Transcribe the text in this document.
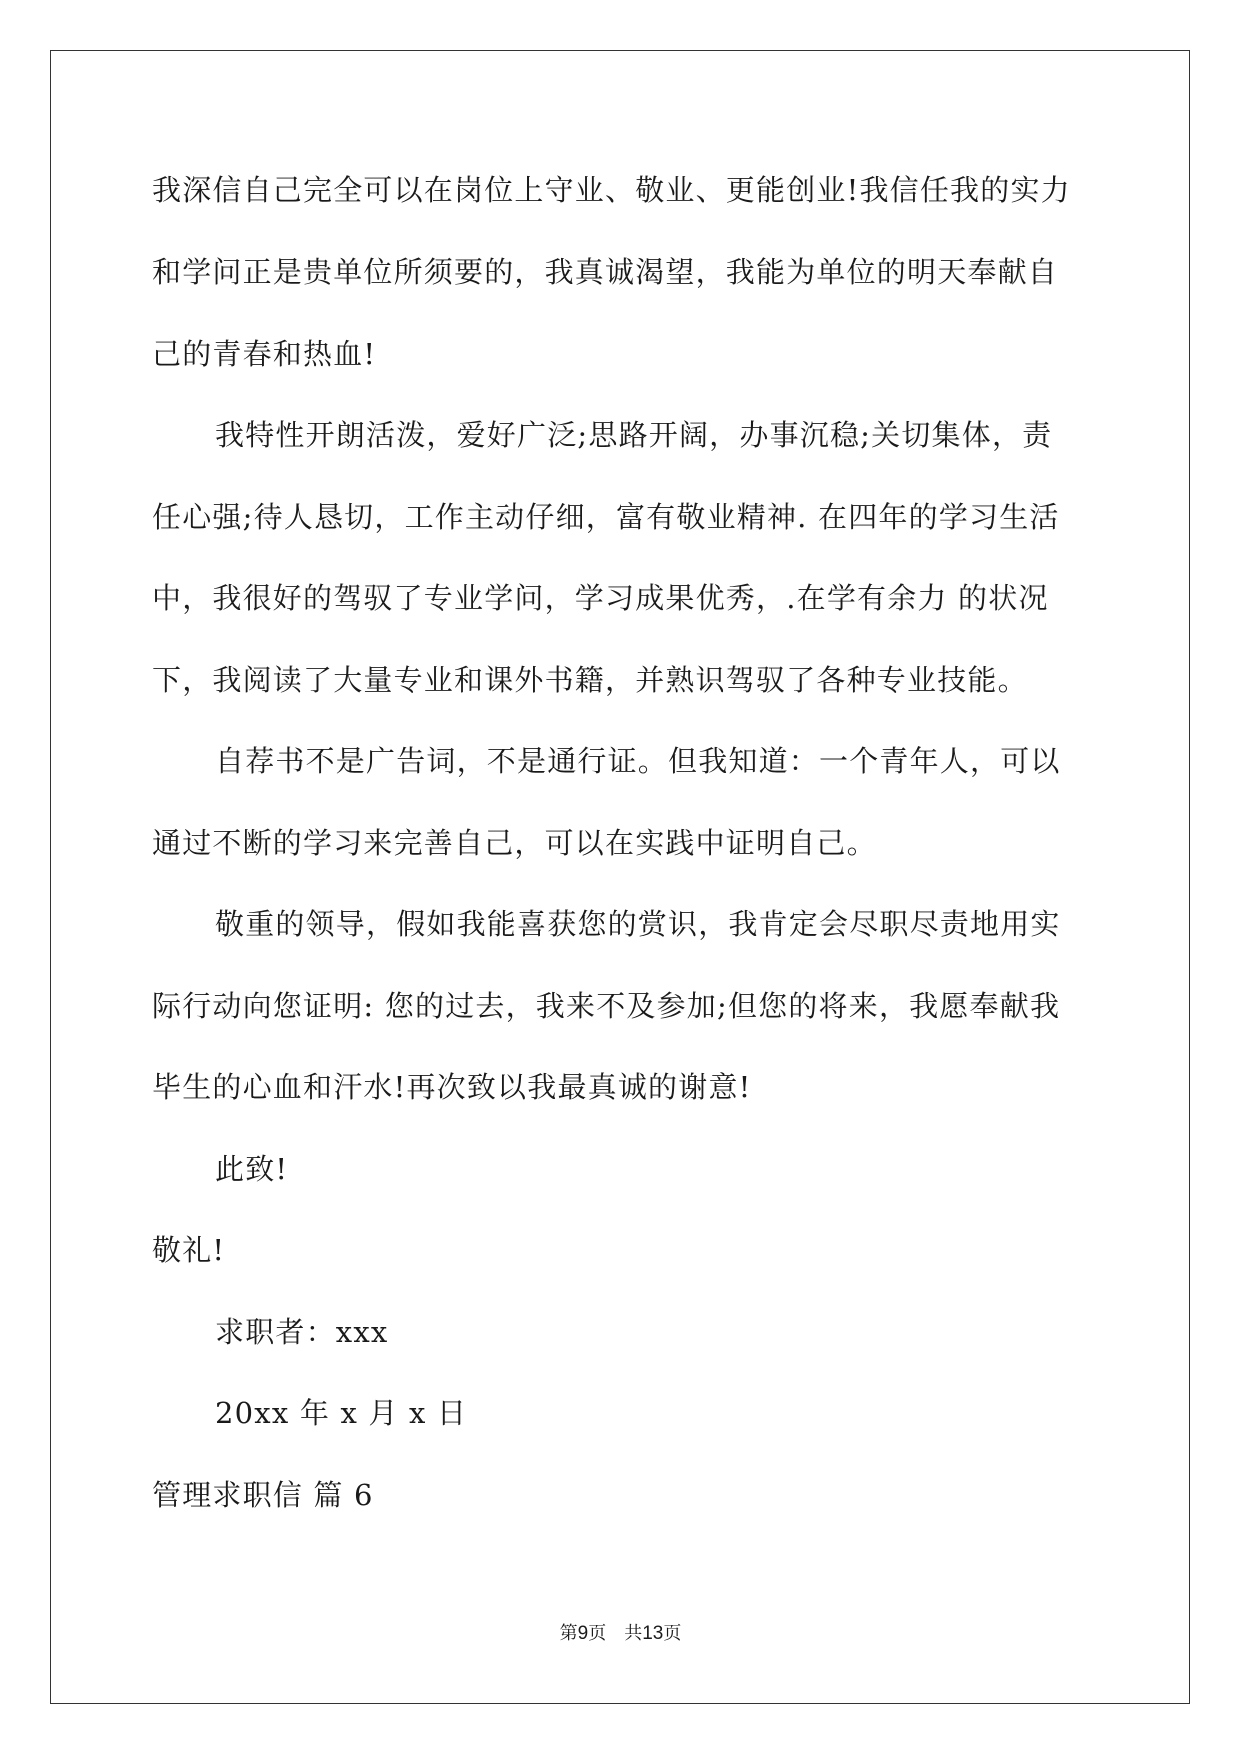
我深信自己完全可以在岗位上守业、敬业、更能创业!我信任我的实力
和学问正是贵单位所须要的，我真诚渴望，我能为单位的明天奉献自
己的青春和热血!
我特性开朗活泼，爱好广泛;思路开阔，办事沉稳;关切集体，责
任心强;待人恳切，工作主动仔细，富有敬业精神. 在四年的学习生活
中，我很好的驾驭了专业学问，学习成果优秀，.在学有余力 的状况
下，我阅读了大量专业和课外书籍，并熟识驾驭了各种专业技能。
自荐书不是广告词，不是通行证。但我知道：一个青年人，可以
通过不断的学习来完善自己，可以在实践中证明自己。
敬重的领导，假如我能喜获您的赏识，我肯定会尽职尽责地用实
际行动向您证明: 您的过去，我来不及参加;但您的将来，我愿奉献我
毕生的心血和汗水!再次致以我最真诚的谢意!
此致!
敬礼!
求职者：xxx
20xx 年 x 月 x 日
管理求职信 篇 6
第9页 共13页
